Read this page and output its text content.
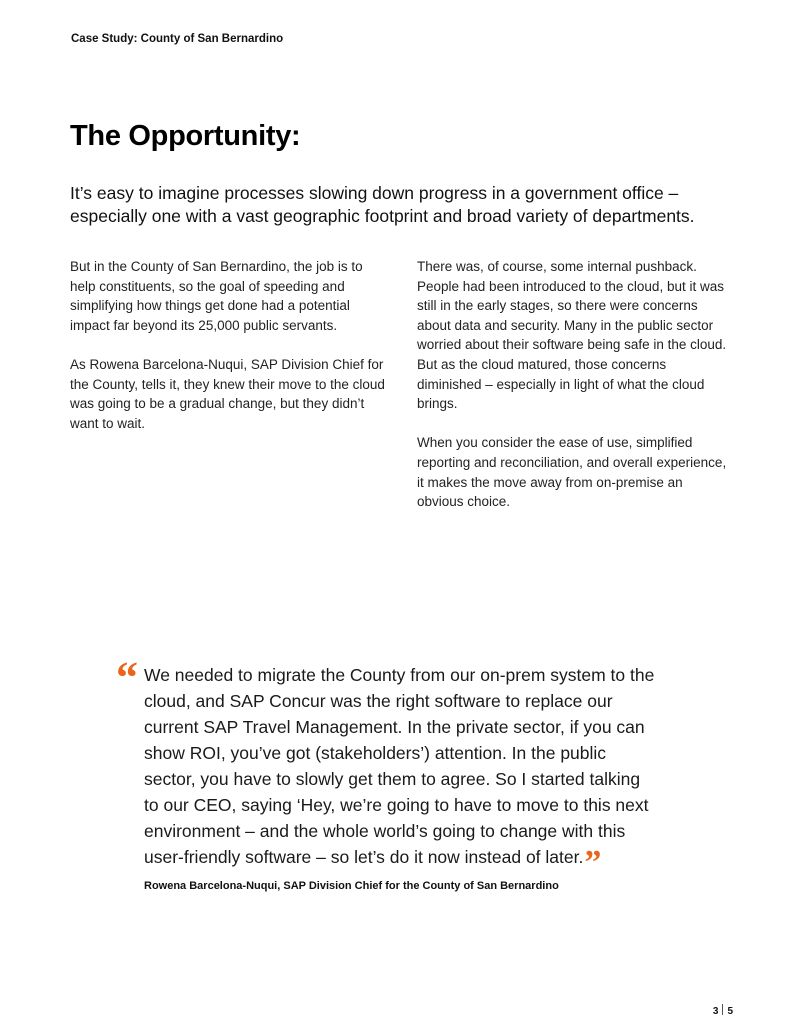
Case Study: County of San Bernardino
The Opportunity:

It’s easy to imagine processes slowing down progress in a government office – especially one with a vast geographic footprint and broad variety of departments.

But in the County of San Bernardino, the job is to help constituents, so the goal of speeding and simplifying how things get done had a potential impact far beyond its 25,000 public servants.

As Rowena Barcelona-Nuqui, SAP Division Chief for the County, tells it, they knew their move to the cloud was going to be a gradual change, but they didn’t want to wait.

There was, of course, some internal pushback. People had been introduced to the cloud, but it was still in the early stages, so there were concerns about data and security. Many in the public sector worried about their software being safe in the cloud. But as the cloud matured, those concerns diminished – especially in light of what the cloud brings.

When you consider the ease of use, simplified reporting and reconciliation, and overall experience, it makes the move away from on-premise an obvious choice.

“ We needed to migrate the County from our on-prem system to the cloud, and SAP Concur was the right software to replace our current SAP Travel Management. In the private sector, if you can show ROI, you’ve got (stakeholders’) attention. In the public sector, you have to slowly get them to agree. So I started talking to our CEO, saying ‘Hey, we’re going to have to move to this next environment – and the whole world’s going to change with this user-friendly software – so let’s do it now instead of later.”

Rowena Barcelona-Nuqui, SAP Division Chief for the County of San Bernardino
3 5
